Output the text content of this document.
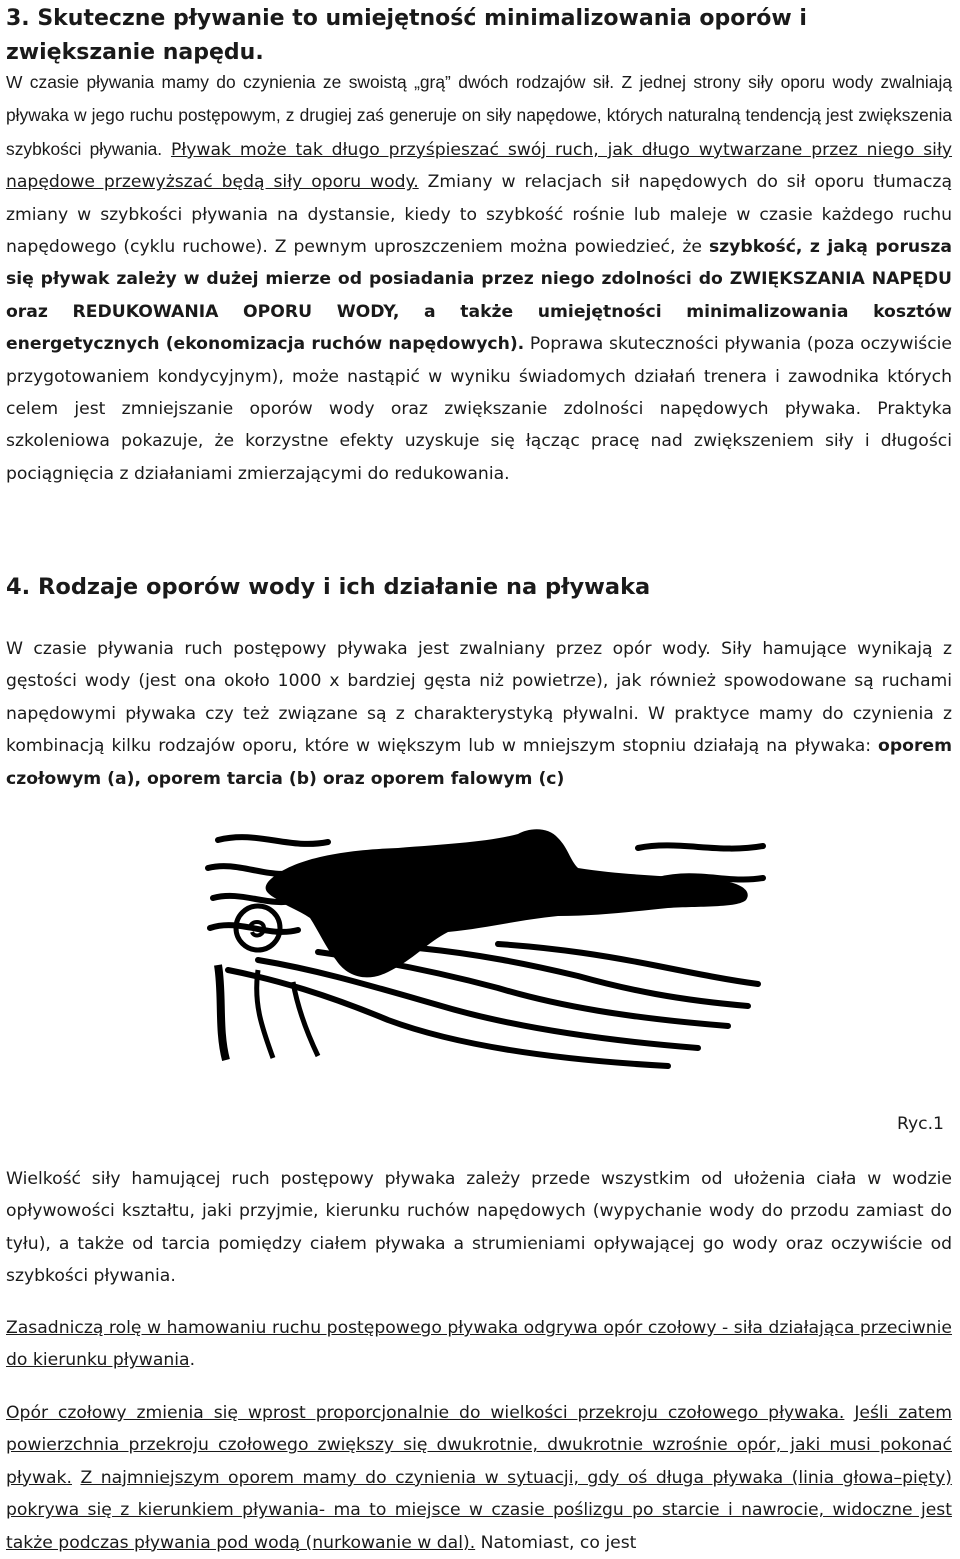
3. Skuteczne pływanie to umiejętność minimalizowania oporów i zwiększanie napędu.
W czasie pływania mamy do czynienia ze swoistą „grą” dwóch rodzajów sił. Z jednej strony siły oporu wody zwalniają pływaka w jego ruchu postępowym, z drugiej zaś generuje on siły napędowe, których naturalną tendencją jest zwiększenia szybkości pływania. Pływak może tak długo przyśpieszać swój ruch, jak długo wytwarzane przez niego siły napędowe przewyższać będą siły oporu wody. Zmiany w relacjach sił napędowych do sił oporu tłumaczą zmiany w szybkości pływania na dystansie, kiedy to szybkość rośnie lub maleje w czasie każdego ruchu napędowego (cyklu ruchowe). Z pewnym uproszczeniem można powiedzieć, że szybkość, z jaką porusza się pływak zależy w dużej mierze od posiadania przez niego zdolności do ZWIĘKSZANIA NAPĘDU oraz REDUKOWANIA OPORU WODY, a także umiejętności minimalizowania kosztów energetycznych (ekonomizacja ruchów napędowych). Poprawa skuteczności pływania (poza oczywiście przygotowaniem kondycyjnym), może nastąpić w wyniku świadomych działań trenera i zawodnika których celem jest zmniejszanie oporów wody oraz zwiększanie zdolności napędowych pływaka. Praktyka szkoleniowa pokazuje, że korzystne efekty uzyskuje się łącząc pracę nad zwiększeniem siły i długości pociągnięcia z działaniami zmierzającymi do redukowania.
4. Rodzaje oporów wody i ich działanie na pływaka
W czasie pływania ruch postępowy pływaka jest zwalniany przez opór wody. Siły hamujące wynikają z gęstości wody (jest ona około 1000 x bardziej gęsta niż powietrze), jak również spowodowane są ruchami napędowymi pływaka czy też związane są z charakterystyką pływalni. W praktyce mamy do czynienia z kombinacją kilku rodzajów oporu, które w większym lub w mniejszym stopniu działają na pływaka: oporem czołowym (a), oporem tarcia (b) oraz oporem falowym (c)
Ryc.1
Wielkość siły hamującej ruch postępowy pływaka zależy przede wszystkim od ułożenia ciała w wodzie opływowości kształtu, jaki przyjmie, kierunku ruchów napędowych (wypychanie wody do przodu zamiast do tyłu), a także od tarcia pomiędzy ciałem pływaka a strumieniami opływającej go wody oraz oczywiście od szybkości pływania.
Zasadniczą rolę w hamowaniu ruchu postępowego pływaka odgrywa opór czołowy - siła działająca przeciwnie do kierunku pływania.
Opór czołowy zmienia się wprost proporcjonalnie do wielkości przekroju czołowego pływaka. Jeśli zatem powierzchnia przekroju czołowego zwiększy się dwukrotnie, dwukrotnie wzrośnie opór, jaki musi pokonać pływak. Z najmniejszym oporem mamy do czynienia w sytuacji, gdy oś długa pływaka (linia głowa–pięty) pokrywa się z kierunkiem pływania- ma to miejsce w czasie poślizgu po starcie i nawrocie, widoczne jest także podczas pływania pod wodą (nurkowanie w dal). Natomiast, co jest
